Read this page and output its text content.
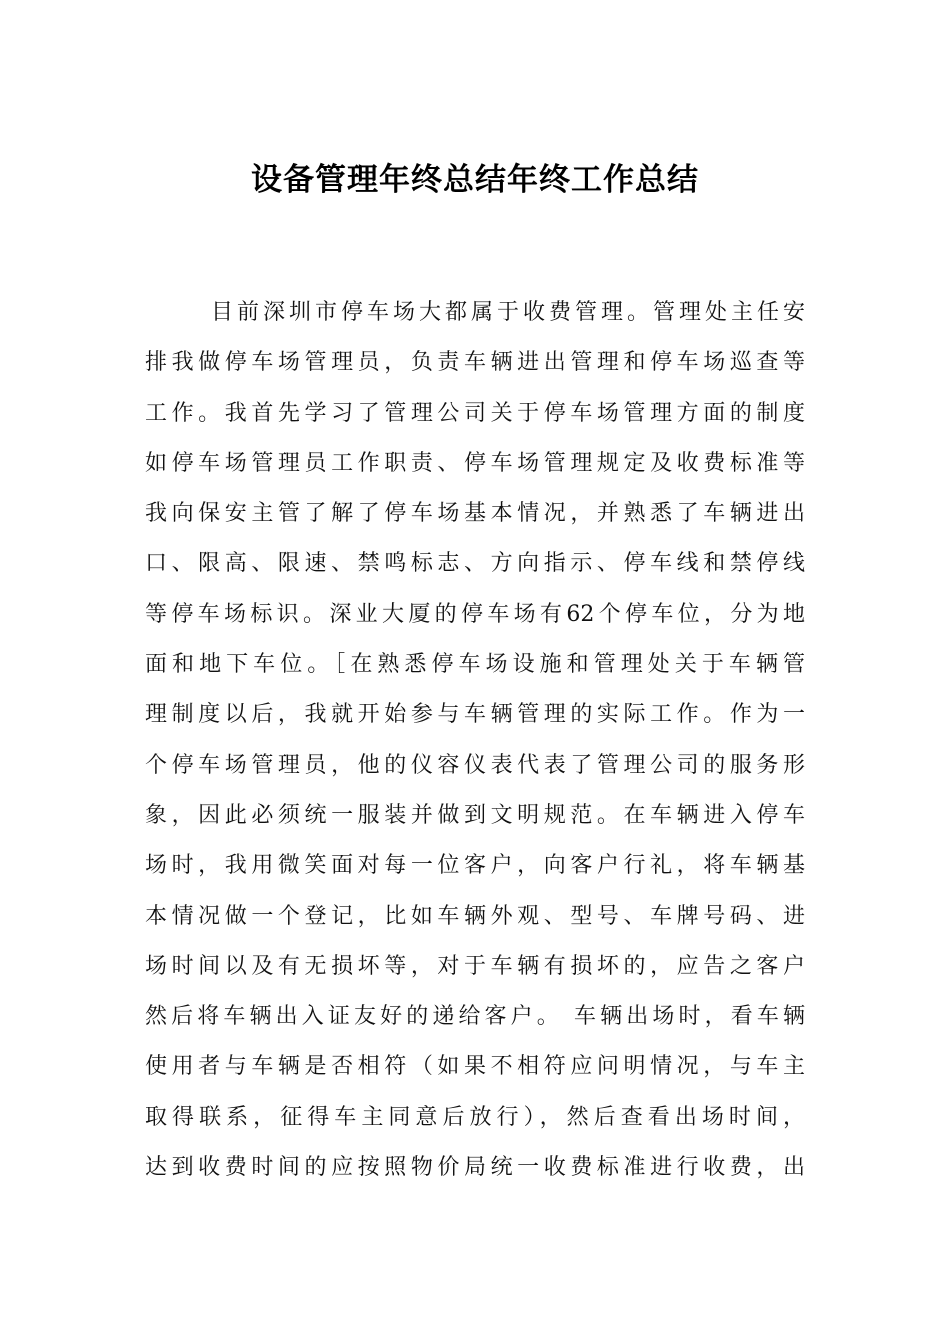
设备管理年终总结年终工作总结
目前深圳市停车场大都属于收费管理。管理处主任安
排我做停车场管理员，负责车辆进出管理和停车场巡查等
工作。我首先学习了管理公司关于停车场管理方面的制度
如停车场管理员工作职责、停车场管理规定及收费标准等
我向保安主管了解了停车场基本情况，并熟悉了车辆进出
口、限高、限速、禁鸣标志、方向指示、停车线和禁停线
等停车场标识。深业大厦的停车场有62个停车位，分为地
面和地下车位。［在熟悉停车场设施和管理处关于车辆管
理制度以后，我就开始参与车辆管理的实际工作。作为一
个停车场管理员，他的仪容仪表代表了管理公司的服务形
象，因此必须统一服装并做到文明规范。在车辆进入停车
场时，我用微笑面对每一位客户，向客户行礼，将车辆基
本情况做一个登记，比如车辆外观、型号、车牌号码、进
场时间以及有无损坏等，对于车辆有损坏的，应告之客户
然后将车辆出入证友好的递给客户。 车辆出场时，看车辆
使用者与车辆是否相符（如果不相符应问明情况，与车主
取得联系，征得车主同意后放行），然后查看出场时间，
达到收费时间的应按照物价局统一收费标准进行收费，出
